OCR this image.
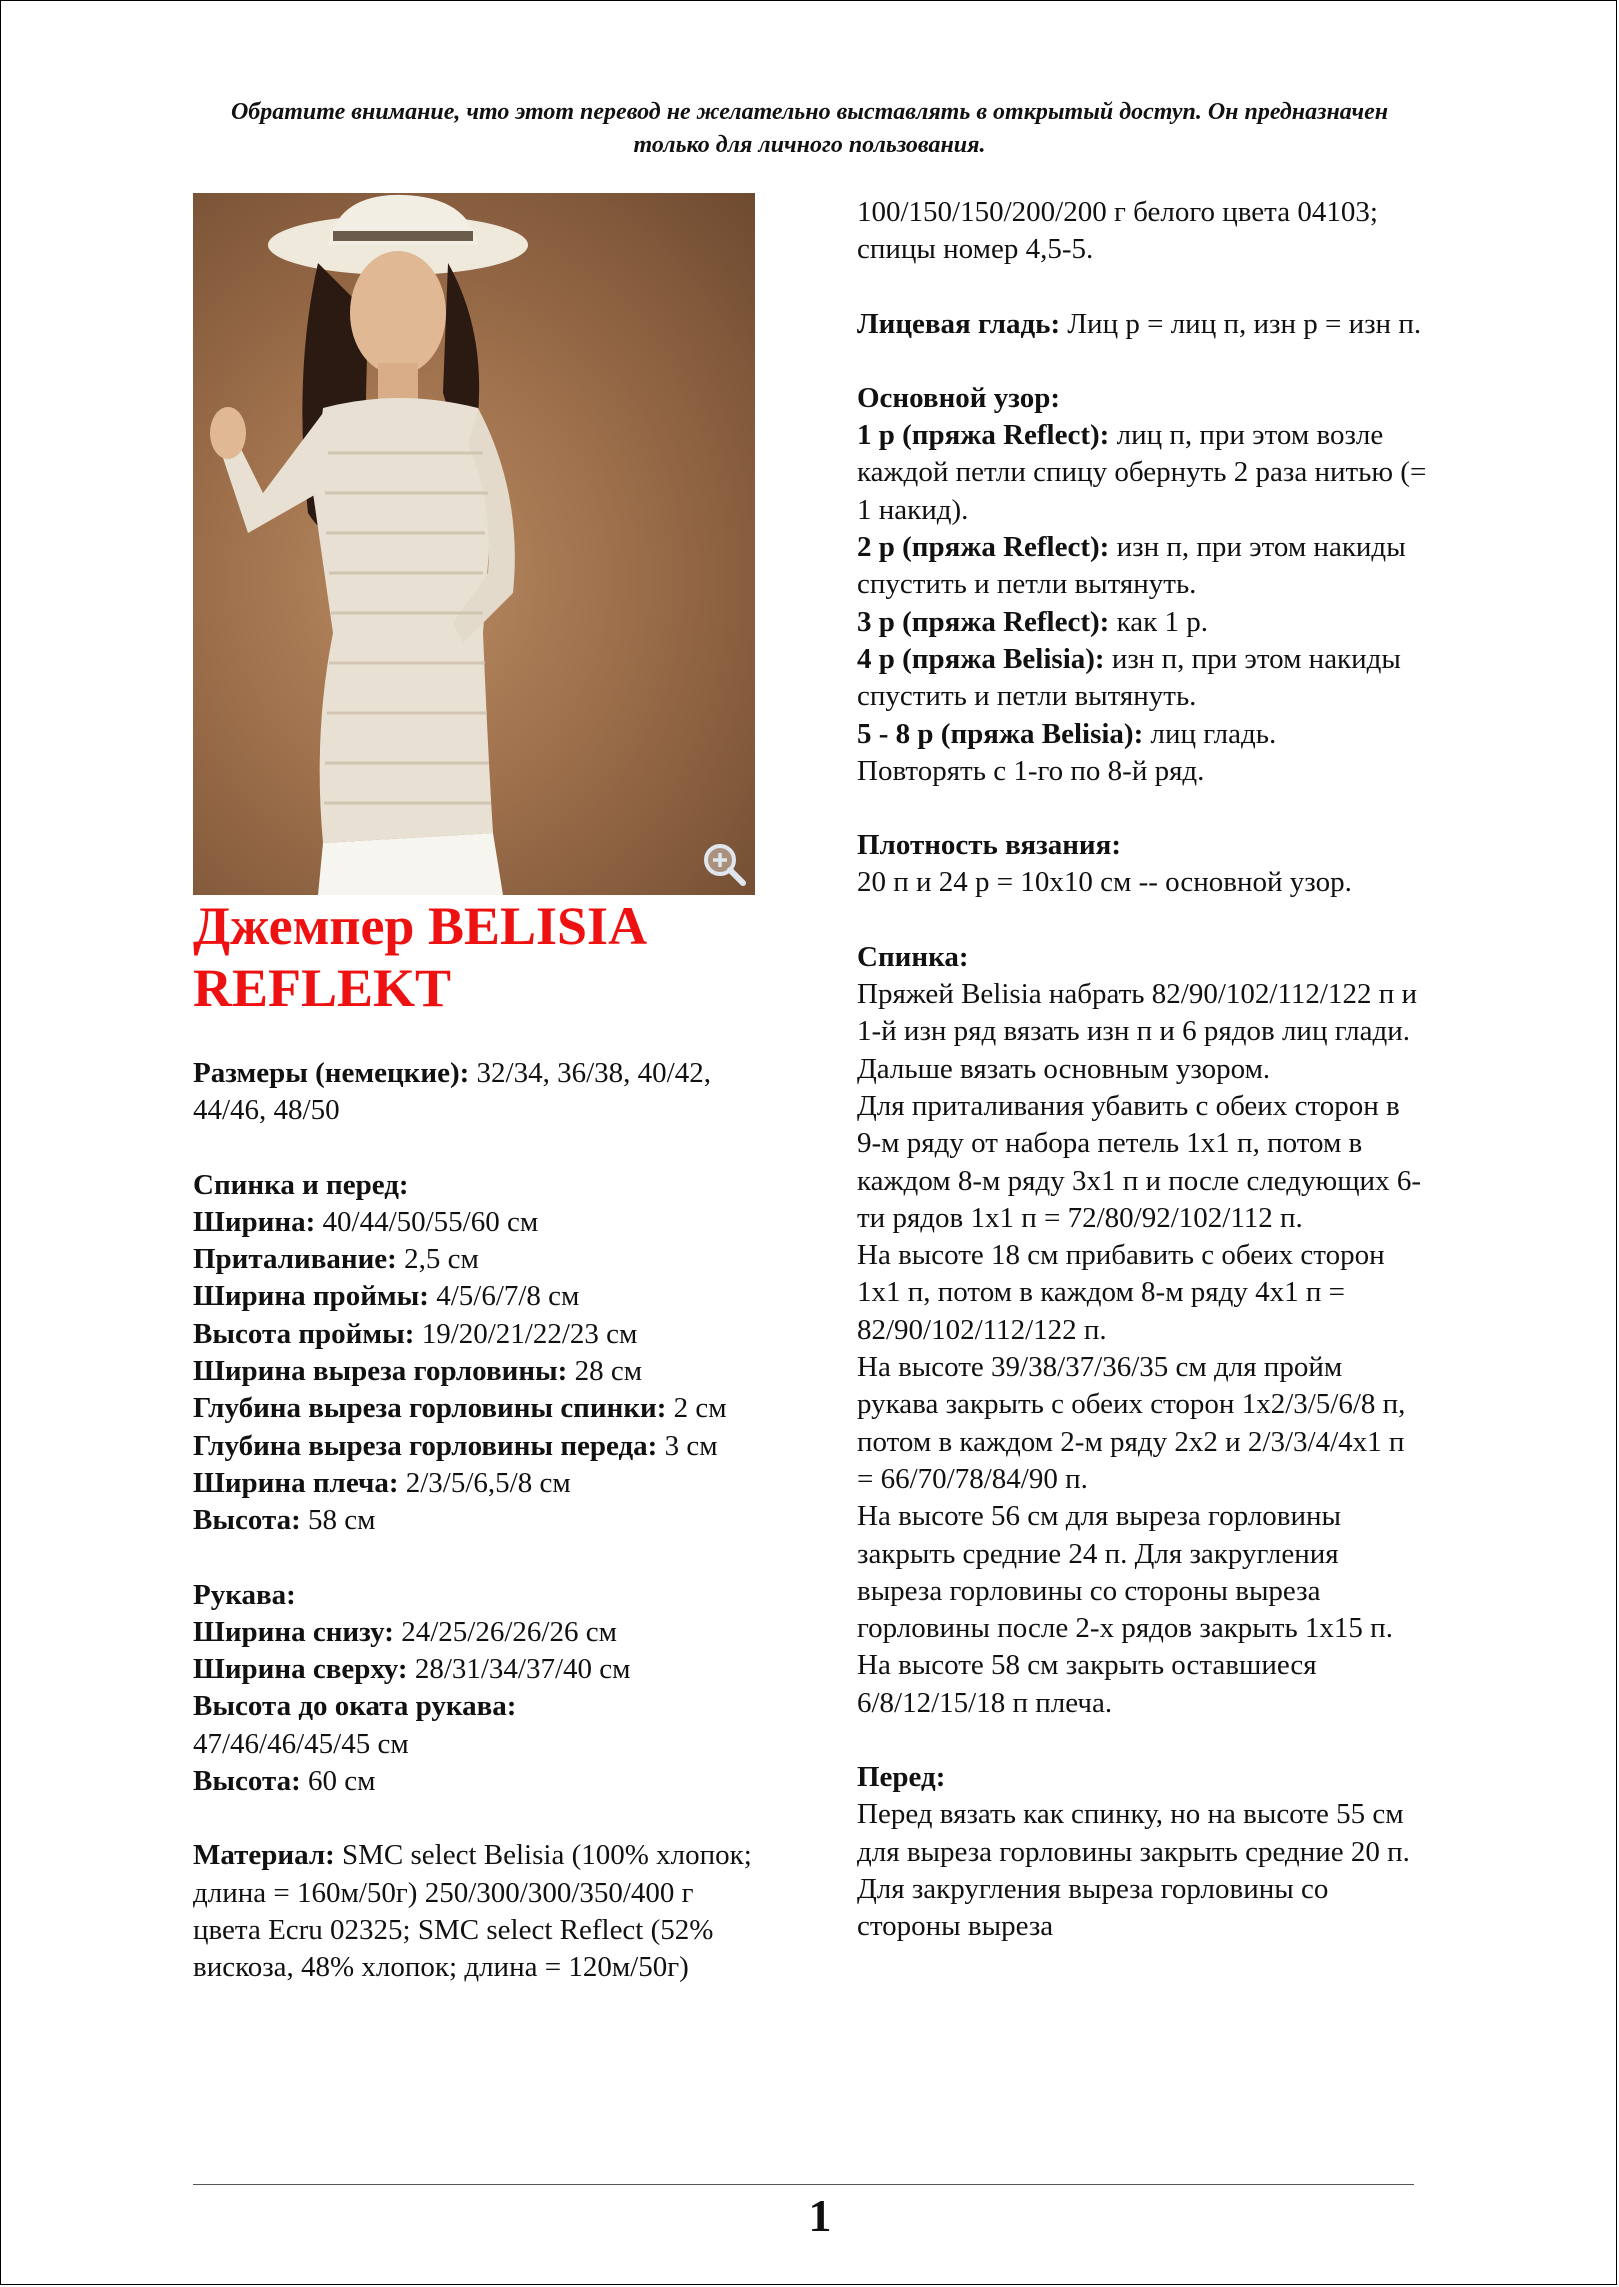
Обратите внимание, что этот перевод не желательно выставлять в открытый доступ. Он предназначен только для личного пользования.
Джемпер BELISIA REFLEKT

Размеры (немецкие): 32/34, 36/38, 40/42, 44/46, 48/50

Спинка и перед:

Ширина: 40/44/50/55/60 см

Приталивание: 2,5 см

Ширина проймы: 4/5/6/7/8 см

Высота проймы: 19/20/21/22/23 см

Ширина выреза горловины: 28 см

Глубина выреза горловины спинки: 2 см

Глубина выреза горловины переда: 3 см

Ширина плеча: 2/3/5/6,5/8 см

Высота: 58 см

Рукава:

Ширина снизу: 24/25/26/26/26 см

Ширина сверху: 28/31/34/37/40 см

Высота до оката рукава:
47/46/46/45/45 см

Высота: 60 см

Материал: SMC select Belisia (100% хлопок; длина = 160м/50г) 250/300/300/350/400 г цвета Ecru 02325; SMC select Reflect (52% вискоза, 48% хлопок; длина = 120м/50г)

100/150/150/200/200 г белого цвета 04103; спицы номер 4,5-5.

Лицевая гладь: Лиц р = лиц п, изн р = изн п.

Основной узор:

1 р (пряжа Reflect): лиц п, при этом возле каждой петли спицу обернуть 2 раза нитью (= 1 накид).

2 р (пряжа Reflect): изн п, при этом накиды спустить и петли вытянуть.

3 р (пряжа Reflect): как 1 р.

4 р (пряжа Belisia): изн п, при этом накиды спустить и петли вытянуть.

5 - 8 р (пряжа Belisia): лиц гладь.

Повторять с 1-го по 8-й ряд.

Плотность вязания:

20 п и 24 р = 10х10 см -- основной узор.

Спинка:

Пряжей Belisia набрать 82/90/102/112/122 п и 1-й изн ряд вязать изн п и 6 рядов лиц глади. Дальше вязать основным узором.

Для приталивания убавить с обеих сторон в 9-м ряду от набора петель 1х1 п, потом в каждом 8-м ряду 3х1 п и после следующих 6-ти рядов 1х1 п = 72/80/92/102/112 п.

На высоте 18 см прибавить с обеих сторон 1х1 п, потом в каждом 8-м ряду 4х1 п = 82/90/102/112/122 п.

На высоте 39/38/37/36/35 см для пройм рукава закрыть с обеих сторон 1х2/3/5/6/8 п, потом в каждом 2-м ряду 2х2 и 2/3/3/4/4х1 п = 66/70/78/84/90 п.

На высоте 56 см для выреза горловины закрыть средние 24 п. Для закругления выреза горловины со стороны выреза горловины после 2-х рядов закрыть 1х15 п.

На высоте 58 см закрыть оставшиеся 6/8/12/15/18 п плеча.

Перед:

Перед вязать как спинку, но на высоте 55 см для выреза горловины закрыть средние 20 п. Для закругления выреза горловины со стороны выреза

1
